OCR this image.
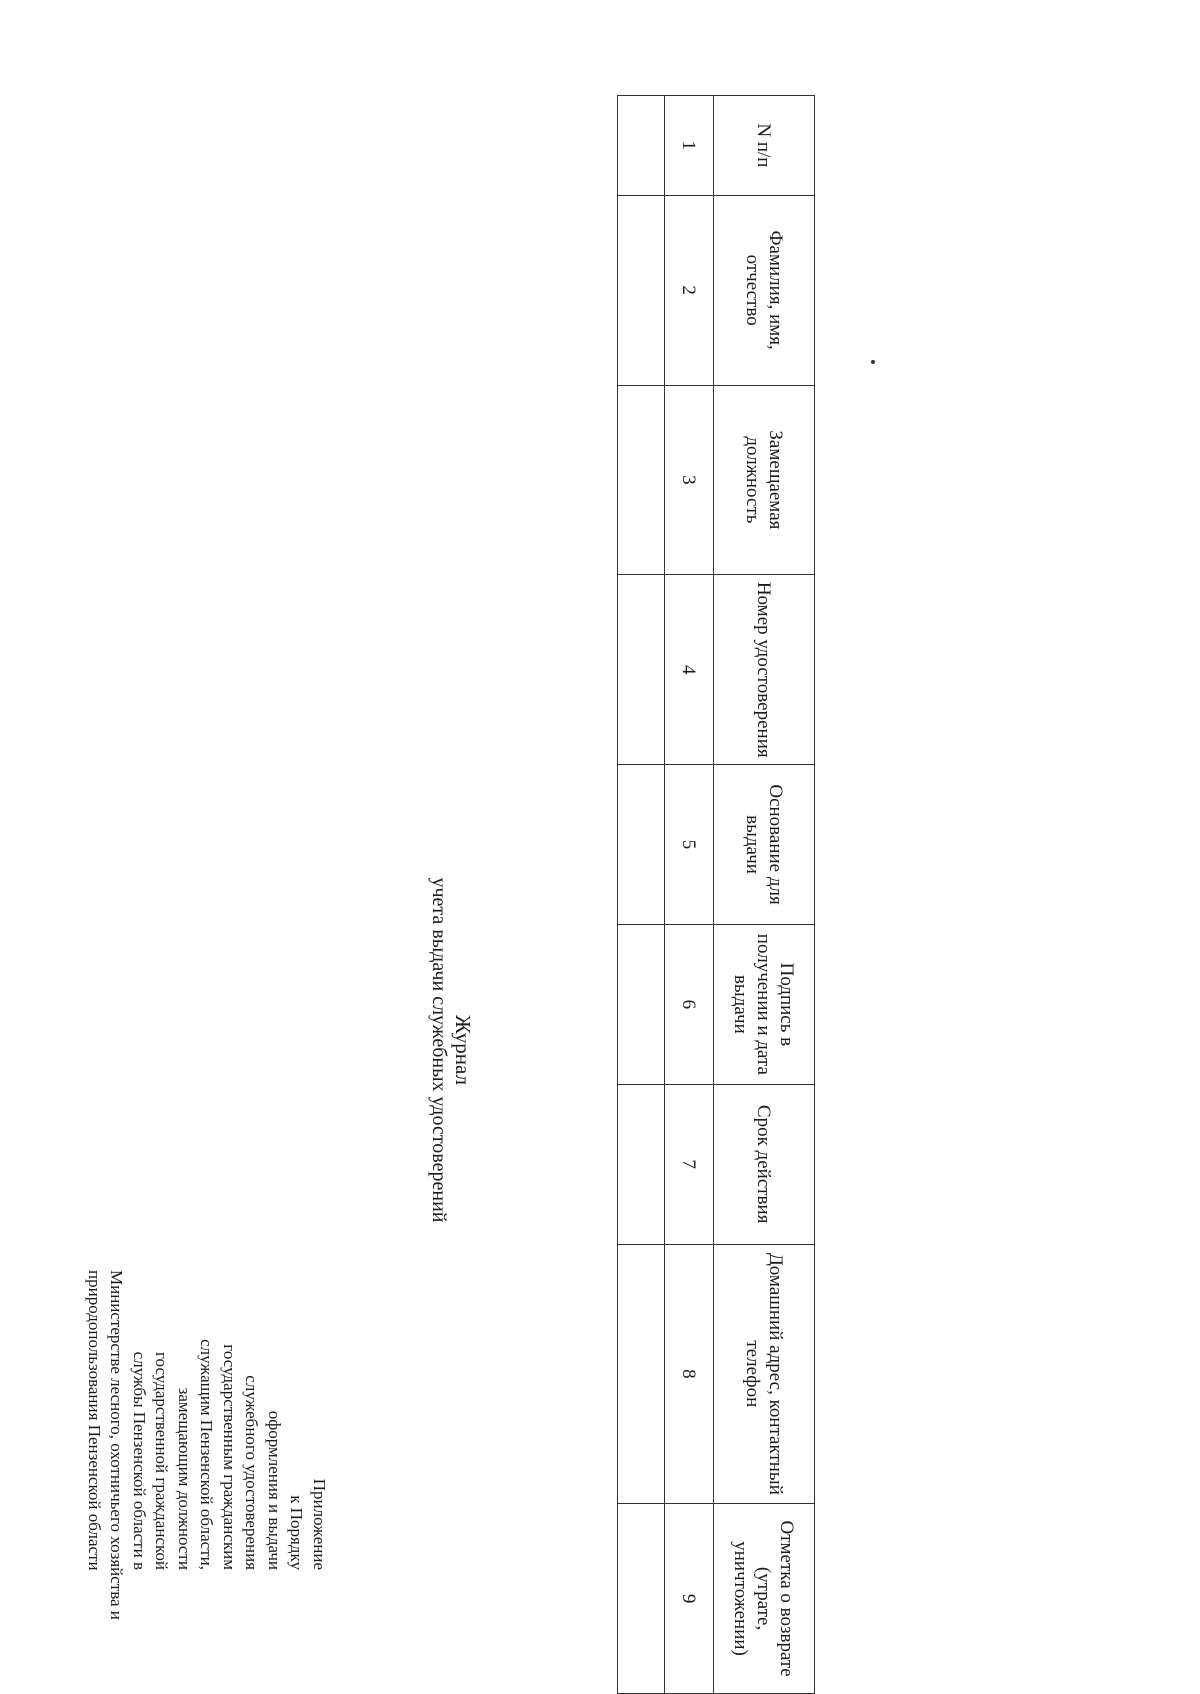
Приложение
к Порядку
оформления и выдачи
служебного удостоверения
государственным гражданским
служащим Пензенской области,
замещающим должности
государственной гражданской
службы Пензенской области в
Министерстве лесного, охотничьего хозяйства и
природопользования Пензенской области
Журнал
учета выдачи служебных удостоверений
N п/п	Фамилия, имя, отчество	Замещаемая должность	Номер удостоверения	Основание для выдачи	Подпись в получении и дата выдачи	Срок действия	Домашний адрес, контактный телефон	Отметка о возврате (утрате, уничтожении)
1	2	3	4	5	6	7	8	9
